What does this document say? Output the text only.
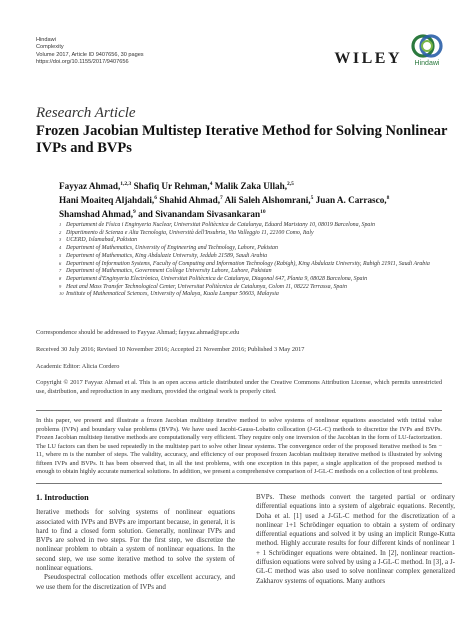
Hindawi
Complexity
Volume 2017, Article ID 9407656, 30 pages
https://doi.org/10.1155/2017/9407656	WILEY Hindawi
Research Article
Frozen Jacobian Multistep Iterative Method for Solving Nonlinear IVPs and BVPs
Fayyaz Ahmad,$^{1,2,3}$ Shafiq Ur Rehman,$^4$ Malik Zaka Ullah,$^{2,5}$
Hani Moaiteq Aljahdali,$^6$ Shahid Ahmad,$^7$ Ali Saleh Alshomrani,$^5$ Juan A. Carrasco,$^8$
Shamshad Ahmad,$^9$ and Sivanandam Sivasankaran$^{10}$
1 Departament de Física i Enginyeria Nuclear, Universitat Politècnica de Catalunya, Eduard Maristany 10, 08019 Barcelona, Spain
2 Dipartimento di Scienza e Alta Tecnologia, Università dell'Insubria, Via Valleggio 11, 22100 Como, Italy
3 UCERD, Islamabad, Pakistan
4 Department of Mathematics, University of Engineering and Technology, Lahore, Pakistan
5 Department of Mathematics, King Abdulaziz University, Jeddah 21589, Saudi Arabia
6 Department of Information Systems, Faculty of Computing and Information Technology (Rabigh), King Abdulaziz University, Rabigh 21911, Saudi Arabia
7 Department of Mathematics, Government College University Lahore, Lahore, Pakistan
8 Departament d'Enginyeria Electrònica, Universitat Politècnica de Catalunya, Diagonal 647, Planta 9, 08028 Barcelona, Spain
9 Heat and Mass Transfer Technological Center, Universitat Politècnica de Catalunya, Colom 11, 08222 Terrassa, Spain
10 Institute of Mathematical Sciences, University of Malaya, Kuala Lumpur 50603, Malaysia
Correspondence should be addressed to Fayyaz Ahmad; fayyaz.ahmad@upc.edu
Received 30 July 2016; Revised 10 November 2016; Accepted 21 November 2016; Published 3 May 2017
Academic Editor: Alicia Cordero
Copyright © 2017 Fayyaz Ahmad et al. This is an open access article distributed under the Creative Commons Attribution License, which permits unrestricted use, distribution, and reproduction in any medium, provided the original work is properly cited.
In this paper, we present and illustrate a frozen Jacobian multistep iterative method to solve systems of nonlinear equations associated with initial value problems (IVPs) and boundary value problems (BVPs). We have used Jacobi-Gauss-Lobatto collocation (J-GL-C) methods to discretize the IVPs and BVPs. Frozen Jacobian multistep iterative methods are computationally very efficient. They require only one inversion of the Jacobian in the form of LU-factorization. The LU factors can then be used repeatedly in the multistep part to solve other linear systems. The convergence order of the proposed iterative method is 5m − 11, where m is the number of steps. The validity, accuracy, and efficiency of our proposed frozen Jacobian multistep iterative method is illustrated by solving fifteen IVPs and BVPs. It has been observed that, in all the test problems, with one exception in this paper, a single application of the proposed method is enough to obtain highly accurate numerical solutions. In addition, we present a comprehensive comparison of J-GL-C methods on a collection of test problems.
1. Introduction

Iterative methods for solving systems of nonlinear equations associated with IVPs and BVPs are important because, in general, it is hard to find a closed form solution. Generally, nonlinear IVPs and BVPs are solved in two steps. For the first step, we discretize the nonlinear problem to obtain a system of nonlinear equations. In the second step, we use some iterative method to solve the system of nonlinear equations.

Pseudospectral collocation methods offer excellent accuracy, and we use them for the discretization of IVPs and

BVPs. These methods convert the targeted partial or ordinary differential equations into a system of algebraic equations. Recently, Doha et al. [1] used a J-GL-C method for the discretization of a nonlinear 1+1 Schrödinger equation to obtain a system of ordinary differential equations and solved it by using an implicit Runge-Kutta method. Highly accurate results for four different kinds of nonlinear 1 + 1 Schrödinger equations were obtained. In [2], nonlinear reaction-diffusion equations were solved by using a J-GL-C method. In [3], a J-GL-C method was also used to solve nonlinear complex generalized Zakharov systems of equations. Many authors
